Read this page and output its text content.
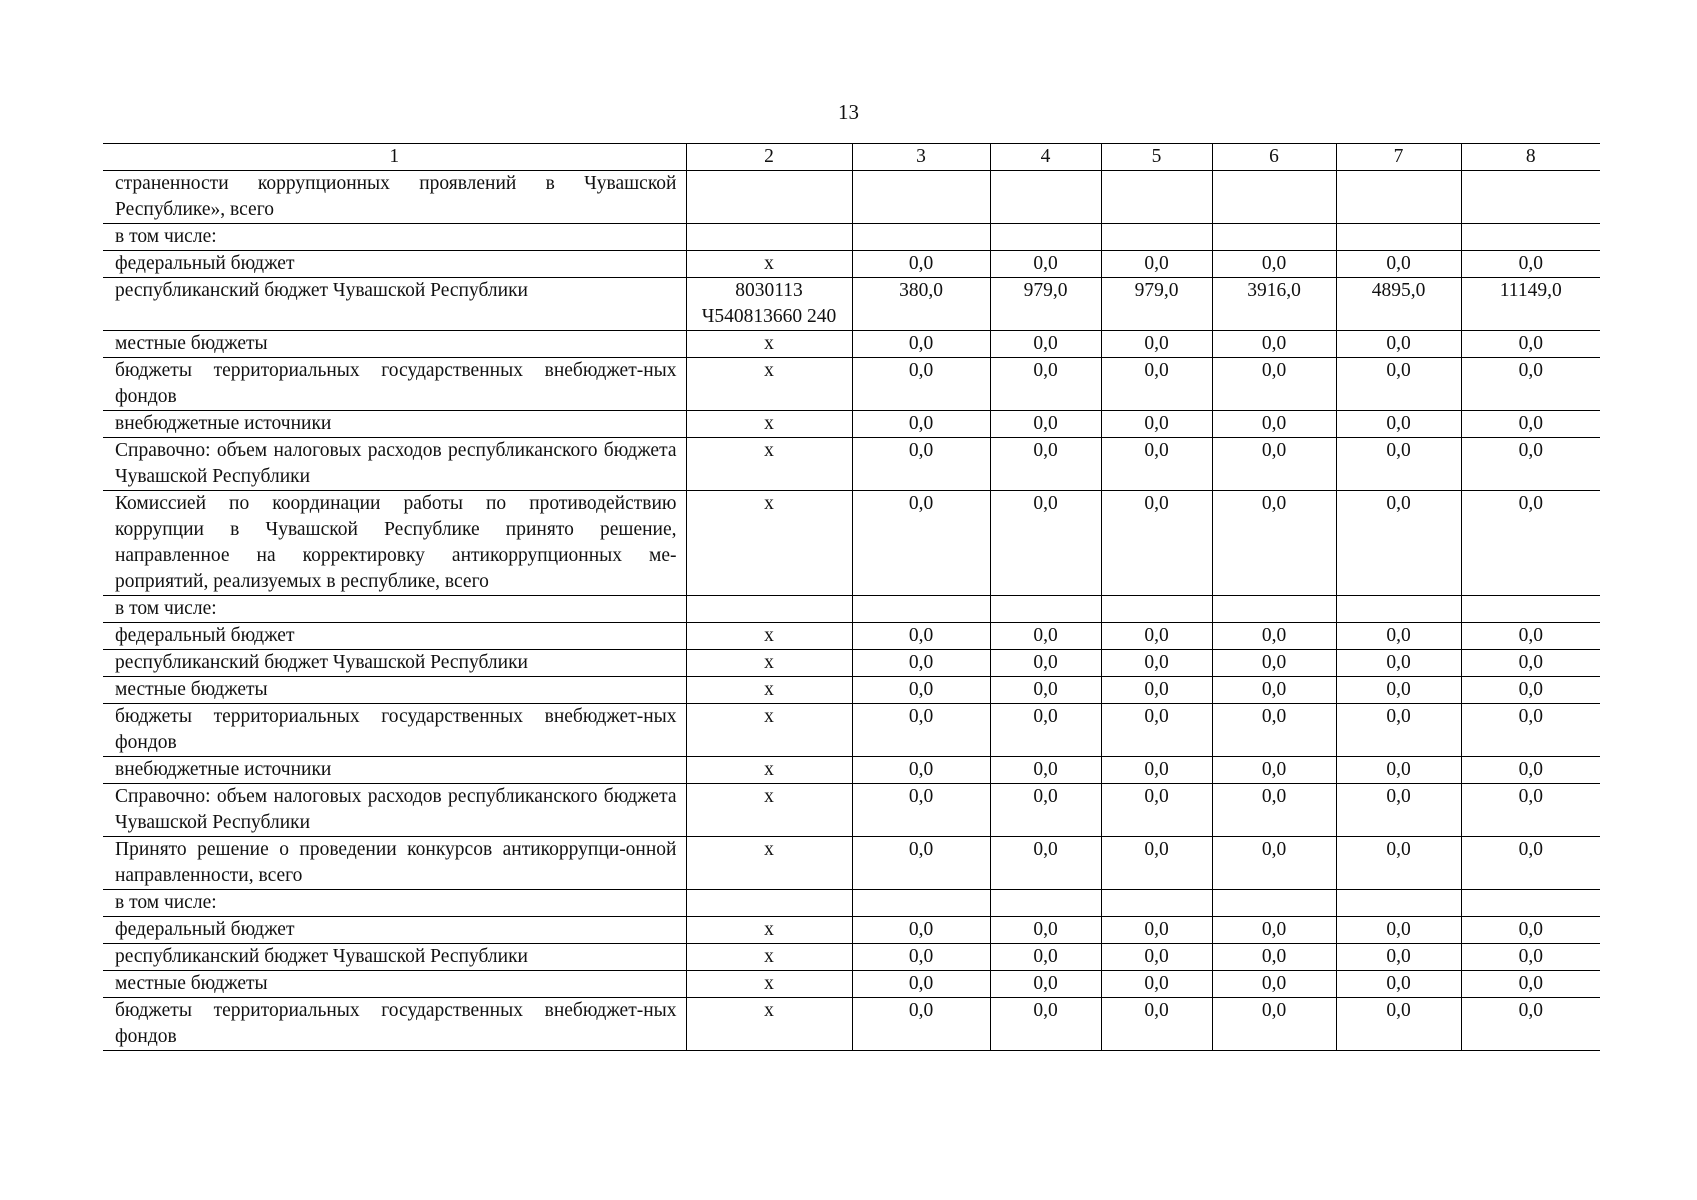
13
1	2	3	4	5	6	7	8
страненности коррупционных проявлений в Чувашской Республике», всего							
в том числе:							
федеральный бюджет	x	0,0	0,0	0,0	0,0	0,0	0,0
республиканский бюджет Чувашской Республики	8030113 Ч540813660 240	380,0	979,0	979,0	3916,0	4895,0	11149,0
местные бюджеты	x	0,0	0,0	0,0	0,0	0,0	0,0
бюджеты территориальных государственных внебюджет-ных фондов	x	0,0	0,0	0,0	0,0	0,0	0,0
внебюджетные источники	x	0,0	0,0	0,0	0,0	0,0	0,0
Справочно: объем налоговых расходов республиканского бюджета Чувашской Республики	x	0,0	0,0	0,0	0,0	0,0	0,0
Комиссией по координации работы по противодействию коррупции в Чувашской Республике принято решение, направленное на корректировку антикоррупционных ме-роприятий, реализуемых в республике, всего	x	0,0	0,0	0,0	0,0	0,0	0,0
в том числе:							
федеральный бюджет	x	0,0	0,0	0,0	0,0	0,0	0,0
республиканский бюджет Чувашской Республики	x	0,0	0,0	0,0	0,0	0,0	0,0
местные бюджеты	x	0,0	0,0	0,0	0,0	0,0	0,0
бюджеты территориальных государственных внебюджет-ных фондов	x	0,0	0,0	0,0	0,0	0,0	0,0
внебюджетные источники	x	0,0	0,0	0,0	0,0	0,0	0,0
Справочно: объем налоговых расходов республиканского бюджета Чувашской Республики	x	0,0	0,0	0,0	0,0	0,0	0,0
Принято решение о проведении конкурсов антикоррупци-онной направленности, всего	x	0,0	0,0	0,0	0,0	0,0	0,0
в том числе:							
федеральный бюджет	x	0,0	0,0	0,0	0,0	0,0	0,0
республиканский бюджет Чувашской Республики	x	0,0	0,0	0,0	0,0	0,0	0,0
местные бюджеты	x	0,0	0,0	0,0	0,0	0,0	0,0
бюджеты территориальных государственных внебюджет-ных фондов	x	0,0	0,0	0,0	0,0	0,0	0,0
